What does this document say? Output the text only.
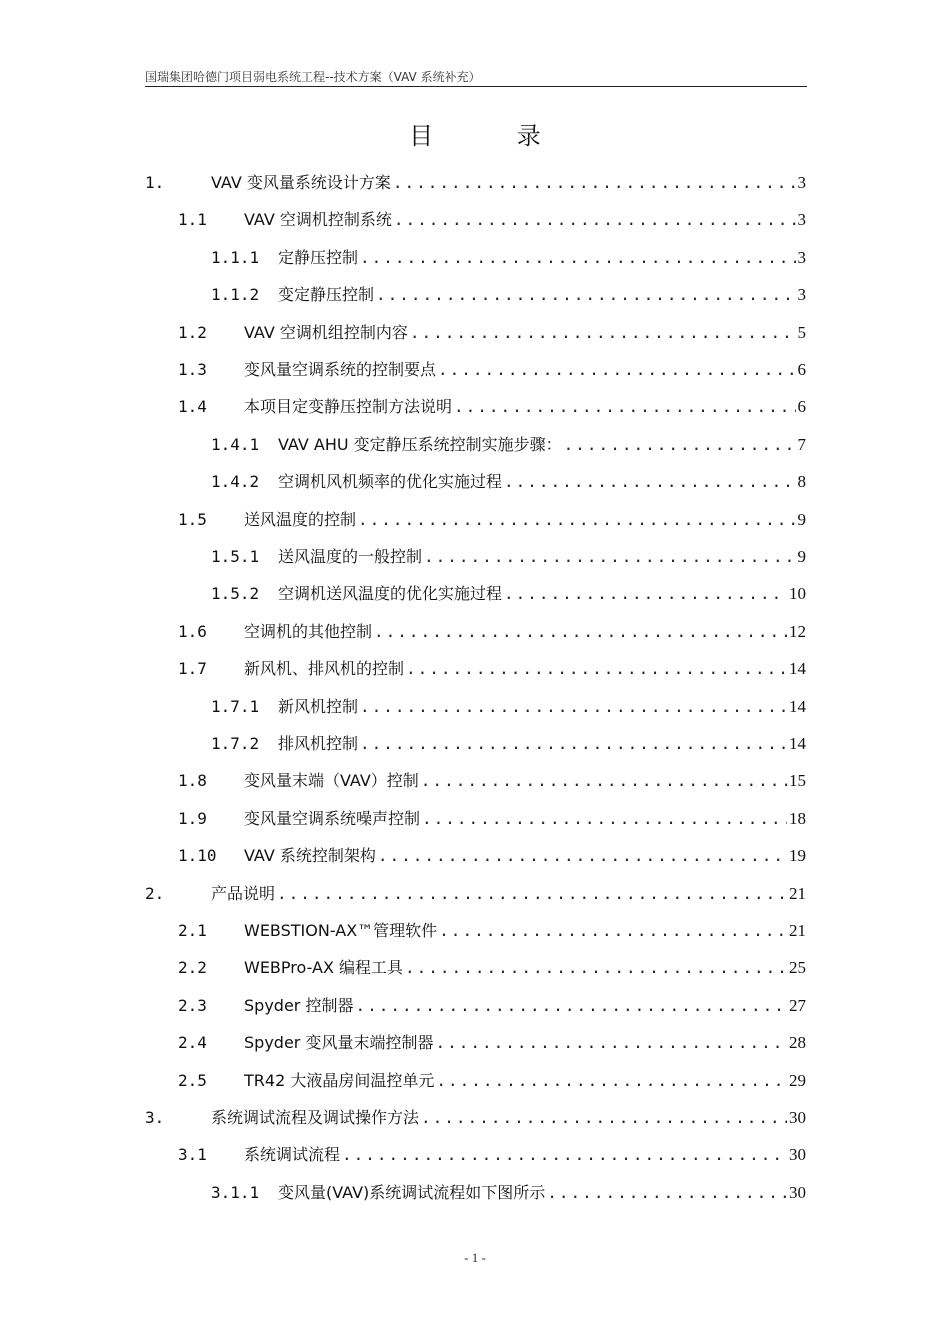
国瑞集团哈德门项目弱电系统工程--技术方案（VAV 系统补充）
目 录
1.	VAV 变风量系统设计方案 .....	3
1.1	VAV 空调机控制系统 .....	3
1.1.1	定静压控制 .....	3
1.1.2	变定静压控制 .....	3
1.2	VAV 空调机组控制内容 .....	5
1.3	变风量空调系统的控制要点 .....	6
1.4	本项目定变静压控制方法说明 .....	6
1.4.1	VAV AHU 变定静压系统控制实施步骤： .....	7
1.4.2	空调机风机频率的优化实施过程 .....	8
1.5	送风温度的控制 .....	9
1.5.1	送风温度的一般控制 .....	9
1.5.2	空调机送风温度的优化实施过程 .....	10
1.6	空调机的其他控制 .....	12
1.7	新风机、排风机的控制 .....	14
1.7.1	新风机控制 .....	14
1.7.2	排风机控制 .....	14
1.8	变风量末端（VAV）控制 .....	15
1.9	变风量空调系统噪声控制 .....	18
1.10	VAV 系统控制架构 .....	19
2.	产品说明 .....	21
2.1	WEBSTION-AX™管理软件 .....	21
2.2	WEBPro-AX 编程工具 .....	25
2.3	Spyder 控制器 .....	27
2.4	Spyder 变风量末端控制器 .....	28
2.5	TR42 大液晶房间温控单元 .....	29
3.	系统调试流程及调试操作方法 .....	30
3.1	系统调试流程 .....	30
3.1.1	变风量(VAV)系统调试流程如下图所示 .....	30
- 1 -
